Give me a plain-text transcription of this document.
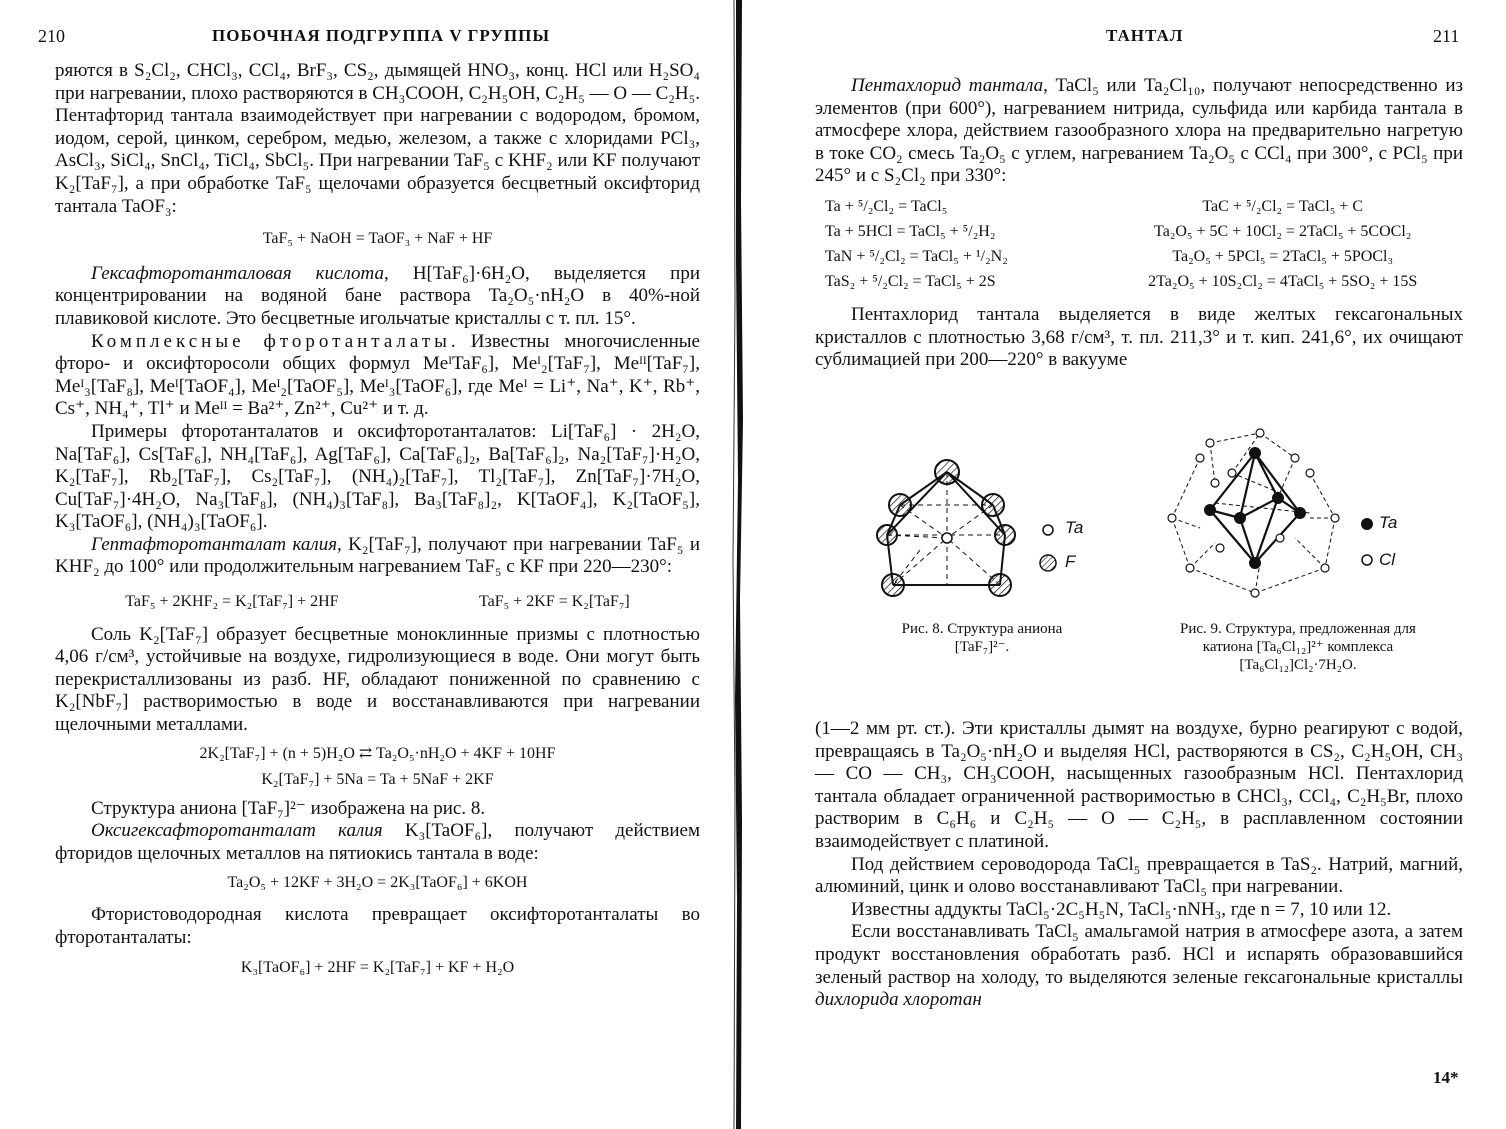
210	ПОБОЧНАЯ ПОДГРУППА V ГРУППЫ

ряются в S₂Cl₂, CHCl₃, CCl₄, BrF₃, CS₂, дымящей HNO₃, конц. HCl или H₂SO₄ при нагревании, плохо растворяются в CH₃COOH, C₂H₅OH, C₂H₅ — O — C₂H₅. Пентафторид тантала взаимодействует при нагревании с водородом, бромом, иодом, серой, цинком, серебром, медью, железом, а также с хлоридами PCl₃, AsCl₃, SiCl₄, SnCl₄, TiCl₄, SbCl₅. При нагревании TaF₅ с KHF₂ или KF получают K₂[TaF₇], а при обработке TaF₅ щелочами образуется бесцветный оксифторид тантала TaOF₃:

TaF₅ + NaOH = TaOF₃ + NaF + HF

Гексафторотанталовая кислота, H[TaF₆]·6H₂O, выделяется при концентрировании на водяной бане раствора Ta₂O₅·nH₂O в 40%-ной плавиковой кислоте. Это бесцветные игольчатые кристаллы с т. пл. 15°.

Комплексные фторотанталаты. Известны многочисленные фторо- и оксифторосоли общих формул MeᴵTaF₆], Meᴵ₂[TaF₇], Meᴵᴵ[TaF₇], Meᴵ₃[TaF₈], Meᴵ[TaOF₄], Meᴵ₂[TaOF₅], Meᴵ₃[TaOF₆], где Meᴵ = Li⁺, Na⁺, K⁺, Rb⁺, Cs⁺, NH₄⁺, Tl⁺ и Meᴵᴵ = Ba²⁺, Zn²⁺, Cu²⁺ и т. д.

Примеры фторотанталатов и оксифторотанталатов: Li[TaF₆] · 2H₂O, Na[TaF₆], Cs[TaF₆], NH₄[TaF₆], Ag[TaF₆], Ca[TaF₆]₂, Ba[TaF₆]₂, Na₂[TaF₇]·H₂O, K₂[TaF₇], Rb₂[TaF₇], Cs₂[TaF₇], (NH₄)₂[TaF₇], Tl₂[TaF₇], Zn[TaF₇]·7H₂O, Cu[TaF₇]·4H₂O, Na₃[TaF₈], (NH₄)₃[TaF₈], Ba₃[TaF₈]₂, K[TaOF₄], K₂[TaOF₅], K₃[TaOF₆], (NH₄)₃[TaOF₆].

Гептафторотанталат калия, K₂[TaF₇], получают при нагревании TaF₅ и KHF₂ до 100° или продолжительным нагреванием TaF₅ с KF при 220—230°:

TaF₅ + 2KHF₂ = K₂[TaF₇] + 2HF	TaF₅ + 2KF = K₂[TaF₇]

Соль K₂[TaF₇] образует бесцветные моноклинные призмы с плотностью 4,06 г/см³, устойчивые на воздухе, гидролизующиеся в воде. Они могут быть перекристаллизованы из разб. HF, обладают пониженной по сравнению с K₂[NbF₇] растворимостью в воде и восстанавливаются при нагревании щелочными металлами.

2K₂[TaF₇] + (n + 5)H₂O ⇄ Ta₂O₅·nH₂O + 4KF + 10HF

K₂[TaF₇] + 5Na = Ta + 5NaF + 2KF

Структура аниона [TaF₇]²⁻ изображена на рис. 8.

Оксигексафторотанталат калия K₃[TaOF₆], получают действием фторидов щелочных металлов на пятиокись тантала в воде:

Ta₂O₅ + 12KF + 3H₂O = 2K₃[TaOF₆] + 6KOH

Фтористоводородная кислота превращает оксифторотанталаты во фторотанталаты:

K₃[TaOF₆] + 2HF = K₂[TaF₇] + KF + H₂O

ТАНТАЛ	211

Пентахлорид тантала, TaCl₅ или Ta₂Cl₁₀, получают непосредственно из элементов (при 600°), нагреванием нитрида, сульфида или карбида тантала в атмосфере хлора, действием газообразного хлора на предварительно нагретую в токе CO₂ смесь Ta₂O₅ с углем, нагреванием Ta₂O₅ с CCl₄ при 300°, с PCl₅ при 245° и с S₂Cl₂ при 330°:

Ta + ⁵/₂Cl₂ = TaCl₅	TaC + ⁵/₂Cl₂ = TaCl₅ + C
Ta + 5HCl = TaCl₅ + ⁵/₂H₂	Ta₂O₅ + 5C + 10Cl₂ = 2TaCl₅ + 5COCl₂
TaN + ⁵/₂Cl₂ = TaCl₅ + ¹/₂N₂	Ta₂O₅ + 5PCl₅ = 2TaCl₅ + 5POCl₃
TaS₂ + ⁵/₂Cl₂ = TaCl₅ + 2S	2Ta₂O₅ + 10S₂Cl₂ = 4TaCl₅ + 5SO₂ + 15S

Пентахлорид тантала выделяется в виде желтых гексагональных кристаллов с плотностью 3,68 г/см³, т. пл. 211,3° и т. кип. 241,6°, их очищают сублимацией при 200—220° в вакууме

Ta
F
Рис. 8. Структура аниона [TaF₇]²⁻.
Ta
Cl
Рис. 9. Структура, предложенная для катиона [Ta₆Cl₁₂]²⁺ комплекса [Ta₆Cl₁₂]Cl₂·7H₂O.

(1—2 мм рт. ст.). Эти кристаллы дымят на воздухе, бурно реагируют с водой, превращаясь в Ta₂O₅·nH₂O и выделяя HCl, растворяются в CS₂, C₂H₅OH, CH₃ — CO — CH₃, CH₃COOH, насыщенных газообразным HCl. Пентахлорид тантала обладает ограниченной растворимостью в CHCl₃, CCl₄, C₂H₅Br, плохо растворим в C₆H₆ и C₂H₅ — O — C₂H₅, в расплавленном состоянии взаимодействует с платиной.

Под действием сероводорода TaCl₅ превращается в TaS₂. Натрий, магний, алюминий, цинк и олово восстанавливают TaCl₅ при нагревании.

Известны аддукты TaCl₅·2C₅H₅N, TaCl₅·nNH₃, где n = 7, 10 или 12.

Если восстанавливать TaCl₅ амальгамой натрия в атмосфере азота, а затем продукт восстановления обработать разб. HCl и испарять образовавшийся зеленый раствор на холоду, то выделяются зеленые гексагональные кристаллы дихлорида хлоротан

14*
